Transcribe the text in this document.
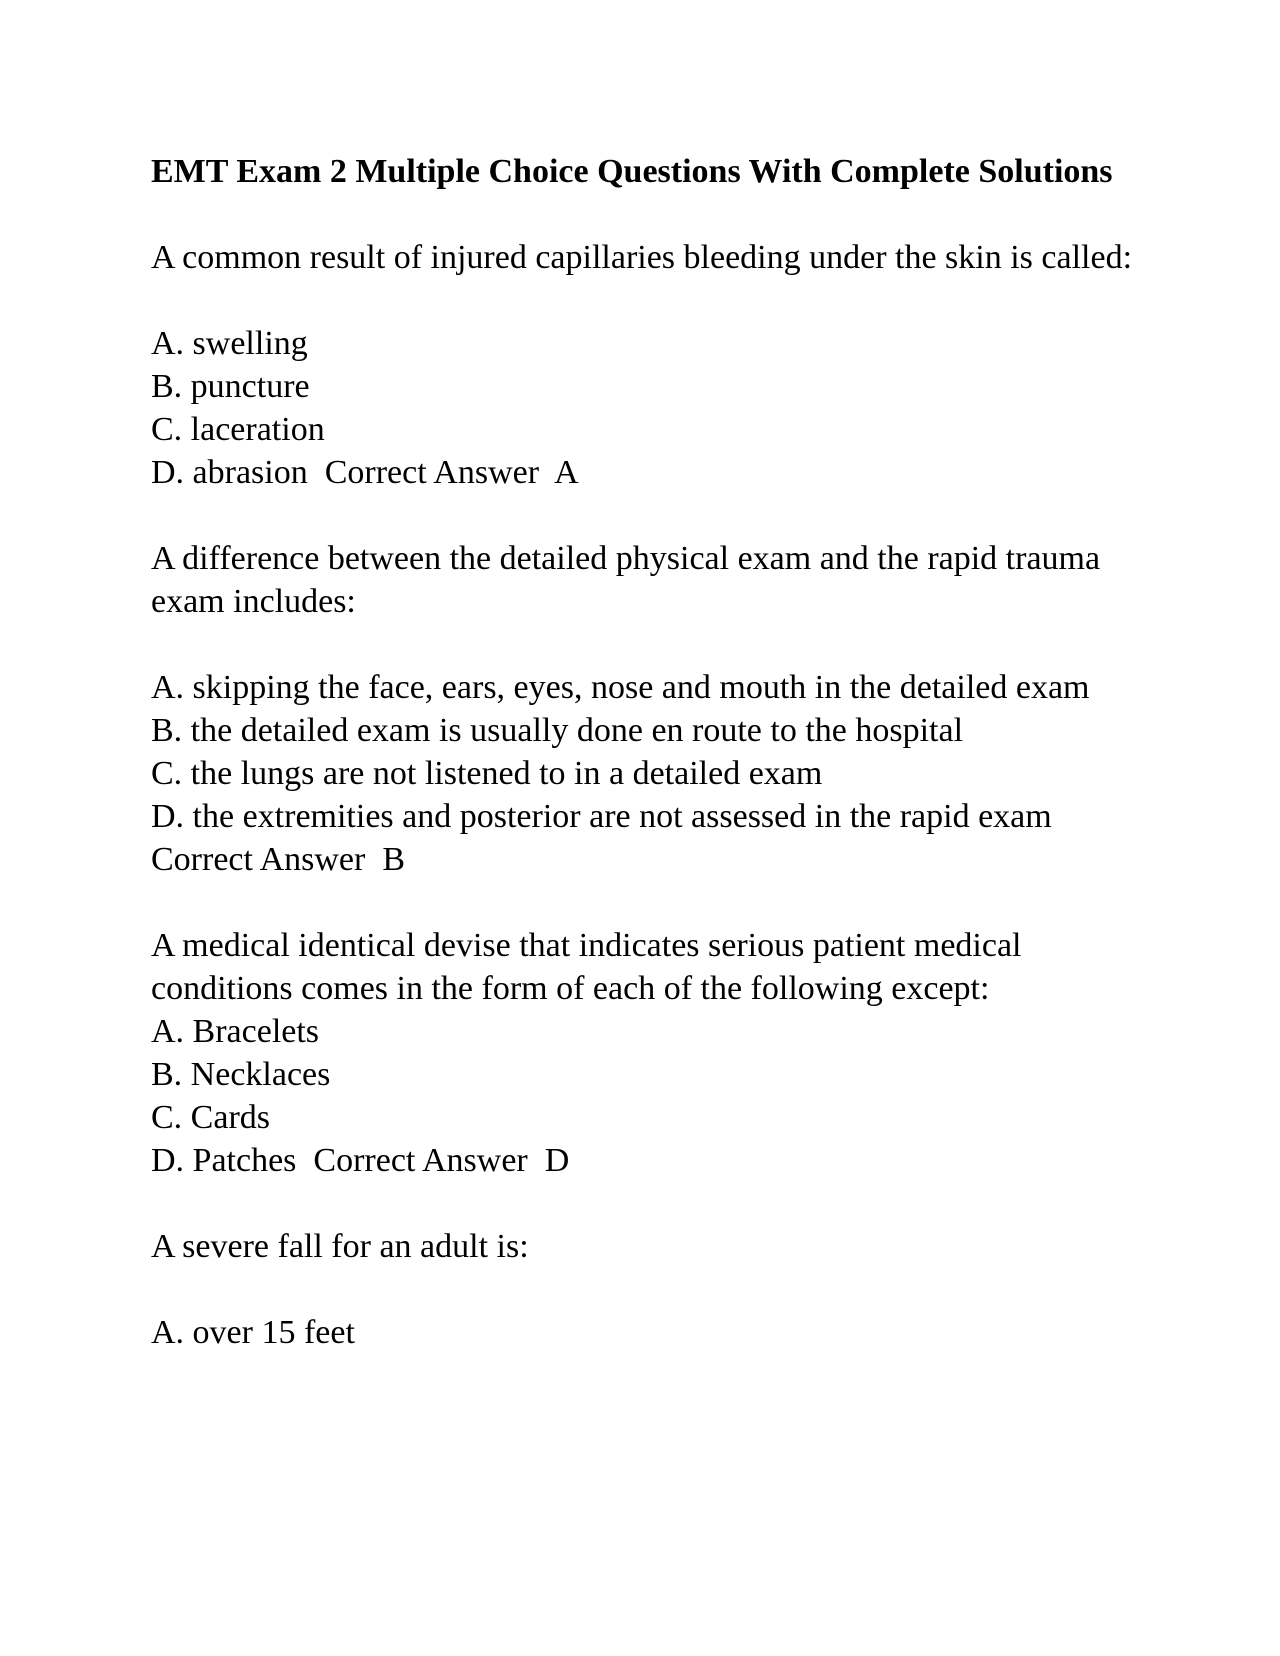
EMT Exam 2 Multiple Choice Questions With Complete Solutions

A common result of injured capillaries bleeding under the skin is called:

A. swelling

B. puncture

C. laceration

D. abrasion  Correct Answer  A

A difference between the detailed physical exam and the rapid trauma exam includes:

A. skipping the face, ears, eyes, nose and mouth in the detailed exam

B. the detailed exam is usually done en route to the hospital

C. the lungs are not listened to in a detailed exam

D. the extremities and posterior are not assessed in the rapid exam  Correct Answer  B

A medical identical devise that indicates serious patient medical conditions comes in the form of each of the following except:

A. Bracelets

B. Necklaces

C. Cards

D. Patches  Correct Answer  D

A severe fall for an adult is:

A. over 15 feet
